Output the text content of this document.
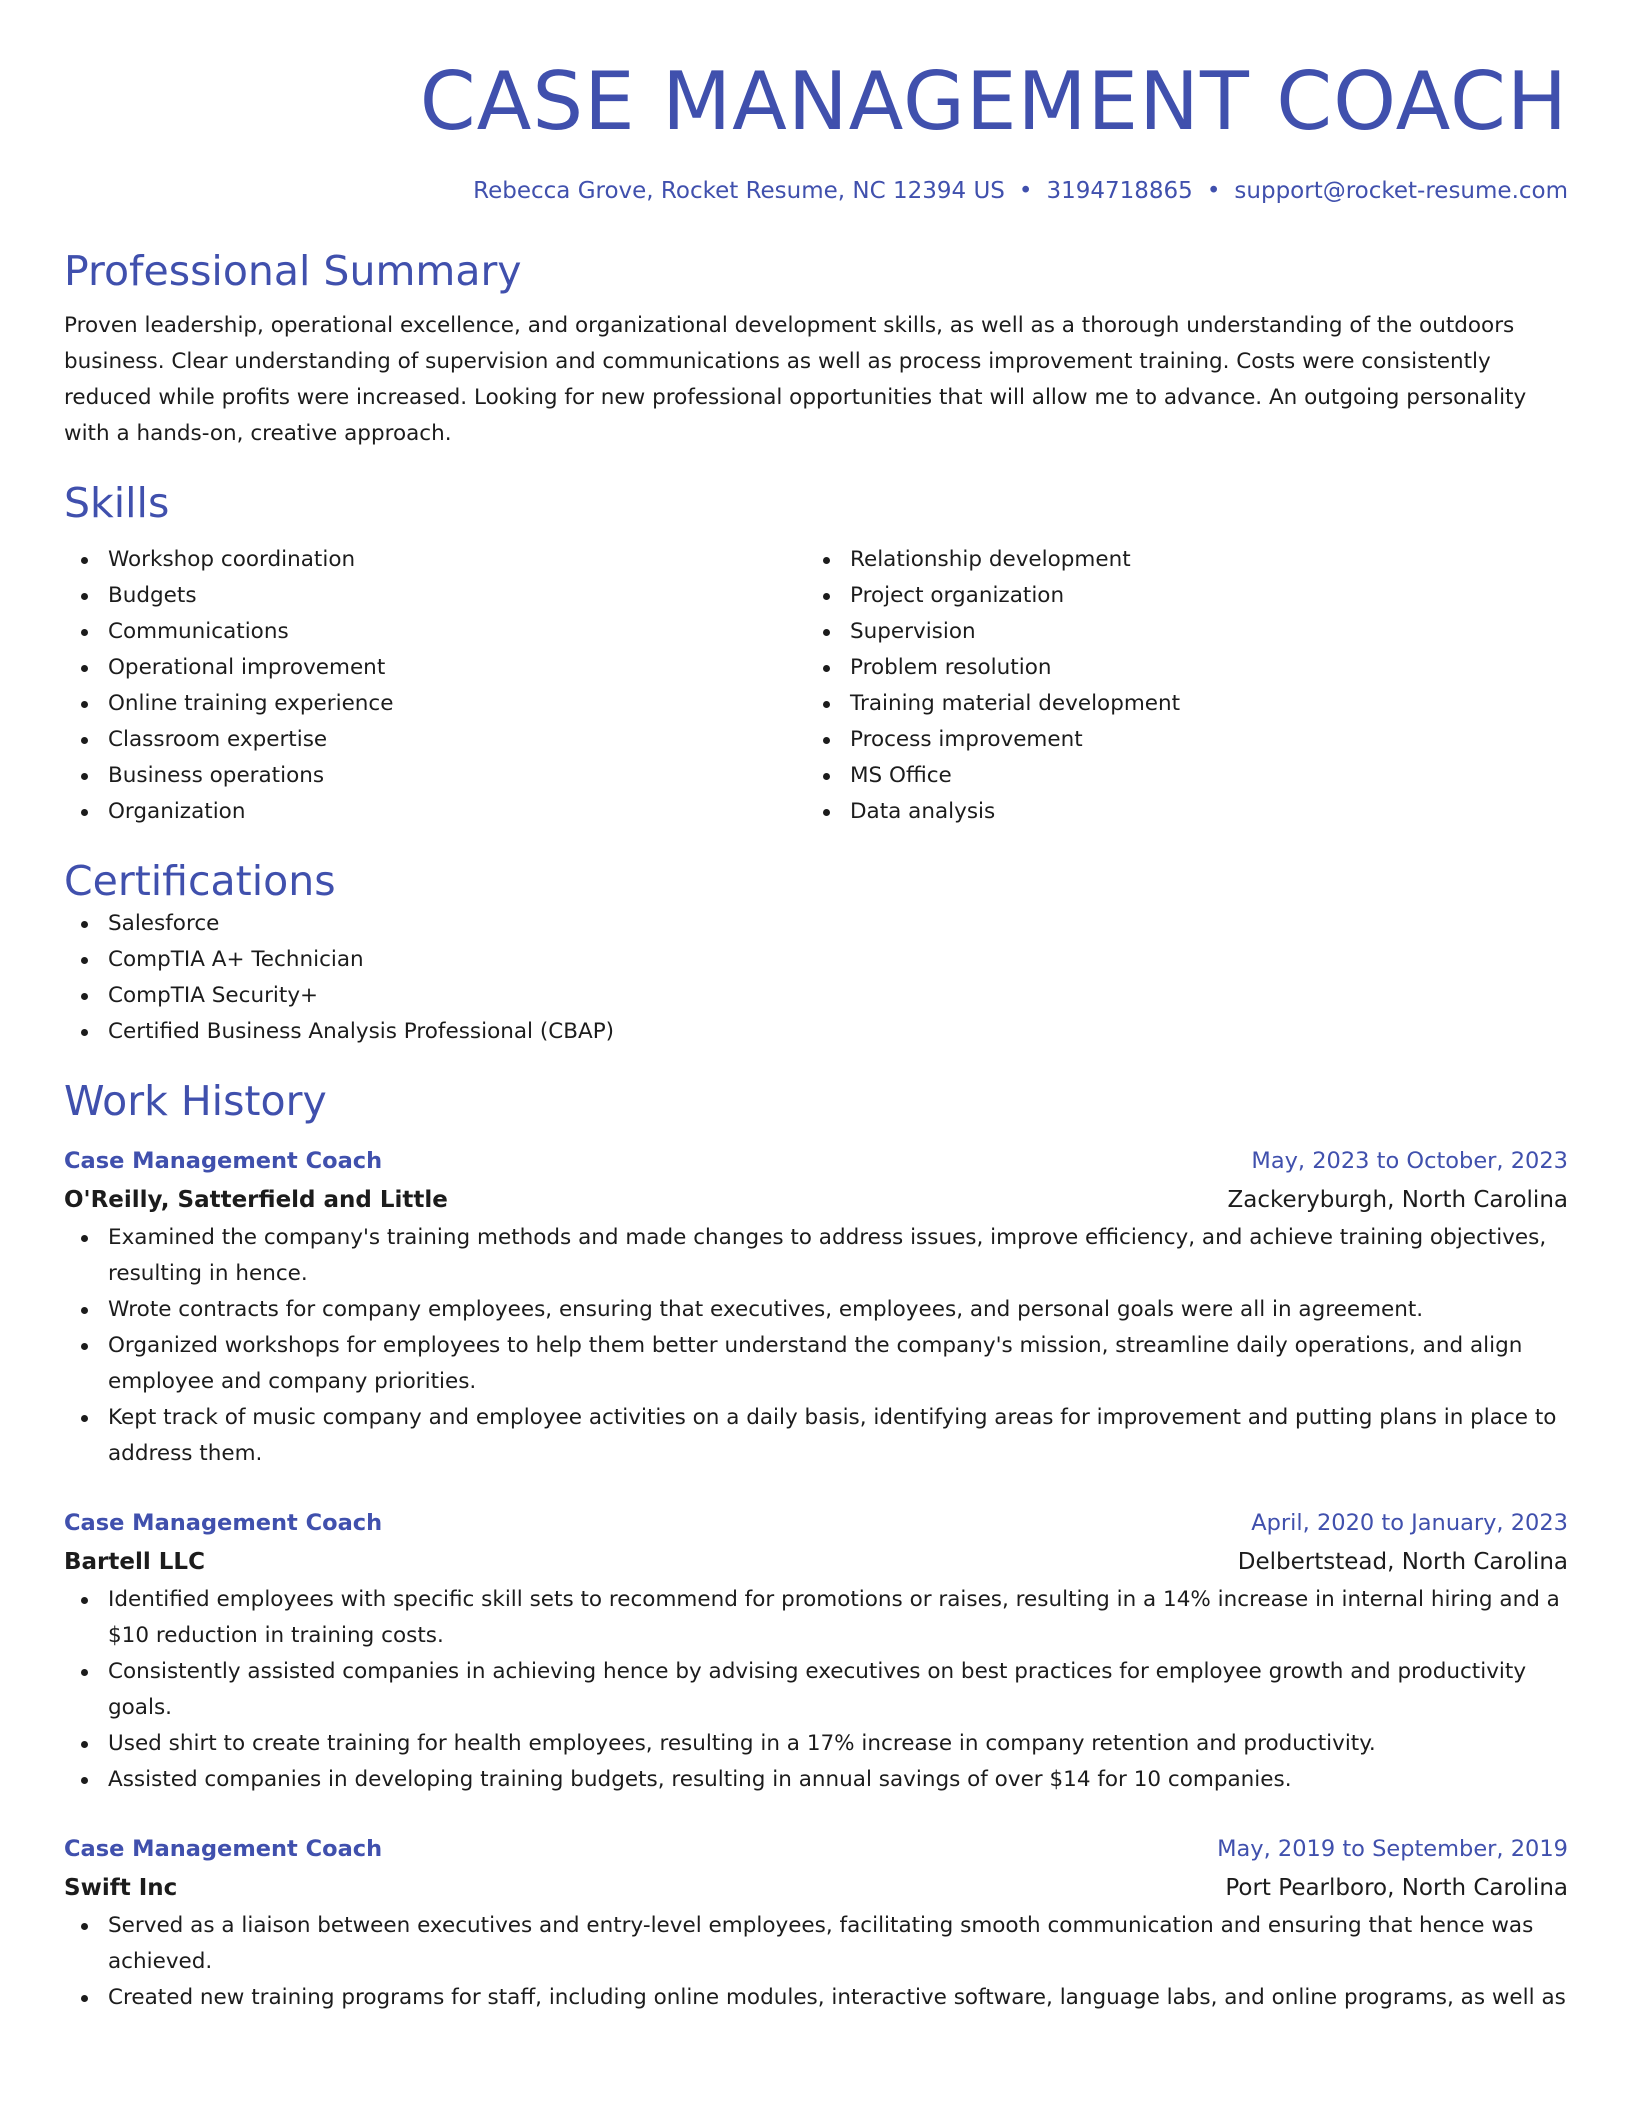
CASE MANAGEMENT COACH
Rebecca Grove, Rocket Resume, NC 12394 US • 3194718865 • support@rocket-resume.com
Professional Summary

Proven leadership, operational excellence, and organizational development skills, as well as a thorough understanding of the outdoors business. Clear understanding of supervision and communications as well as process improvement training. Costs were consistently reduced while profits were increased. Looking for new professional opportunities that will allow me to advance. An outgoing personality with a hands-on, creative approach.

Skills
Workshop coordination
Budgets
Communications
Operational improvement
Online training experience
Classroom expertise
Business operations
Organization
Relationship development
Project organization
Supervision
Problem resolution
Training material development
Process improvement
MS Office
Data analysis
Certifications
Salesforce
CompTIA A+ Technician
CompTIA Security+
Certified Business Analysis Professional (CBAP)
Work History
Case Management Coach	May, 2023 to October, 2023
O'Reilly, Satterfield and Little	Zackeryburgh, North Carolina
Examined the company's training methods and made changes to address issues, improve efficiency, and achieve training objectives, resulting in hence.
Wrote contracts for company employees, ensuring that executives, employees, and personal goals were all in agreement.
Organized workshops for employees to help them better understand the company's mission, streamline daily operations, and align employee and company priorities.
Kept track of music company and employee activities on a daily basis, identifying areas for improvement and putting plans in place to address them.
Case Management Coach	April, 2020 to January, 2023
Bartell LLC	Delbertstead, North Carolina
Identified employees with specific skill sets to recommend for promotions or raises, resulting in a 14% increase in internal hiring and a $10 reduction in training costs.
Consistently assisted companies in achieving hence by advising executives on best practices for employee growth and productivity goals.
Used shirt to create training for health employees, resulting in a 17% increase in company retention and productivity.
Assisted companies in developing training budgets, resulting in annual savings of over $14 for 10 companies.
Case Management Coach	May, 2019 to September, 2019
Swift Inc	Port Pearlboro, North Carolina
Served as a liaison between executives and entry-level employees, facilitating smooth communication and ensuring that hence was achieved.
Created new training programs for staff, including online modules, interactive software, language labs, and online programs, as well as
